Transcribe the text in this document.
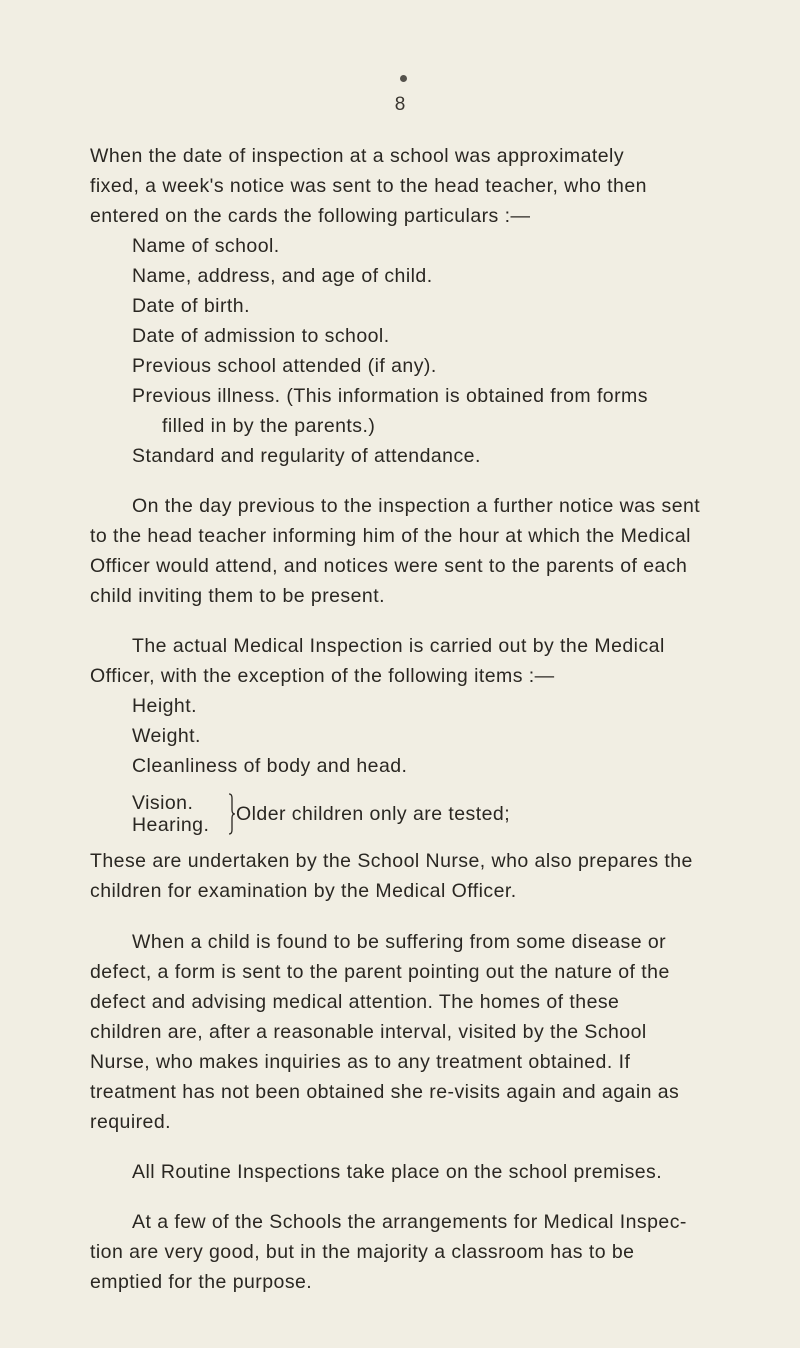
8
When the date of inspection at a school was approximately
fixed, a week's notice was sent to the head teacher, who then
entered on the cards the following particulars :—
Name of school.
Name, address, and age of child.
Date of birth.
Date of admission to school.
Previous school attended (if any).
Previous illness. (This information is obtained from forms
filled in by the parents.)
Standard and regularity of attendance.
On the day previous to the inspection a further notice was sent
to the head teacher informing him of the hour at which the Medical
Officer would attend, and notices were sent to the parents of each
child inviting them to be present.
The actual Medical Inspection is carried out by the Medical
Officer, with the exception of the following items :—
Height.
Weight.
Cleanliness of body and head.
Vision.
Hearing. Older children only are tested;
These are undertaken by the School Nurse, who also prepares the
children for examination by the Medical Officer.
When a child is found to be suffering from some disease or
defect, a form is sent to the parent pointing out the nature of the
defect and advising medical attention. The homes of these
children are, after a reasonable interval, visited by the School
Nurse, who makes inquiries as to any treatment obtained. If
treatment has not been obtained she re-visits again and again as
required.
All Routine Inspections take place on the school premises.
At a few of the Schools the arrangements for Medical Inspec-
tion are very good, but in the majority a classroom has to be
emptied for the purpose.
